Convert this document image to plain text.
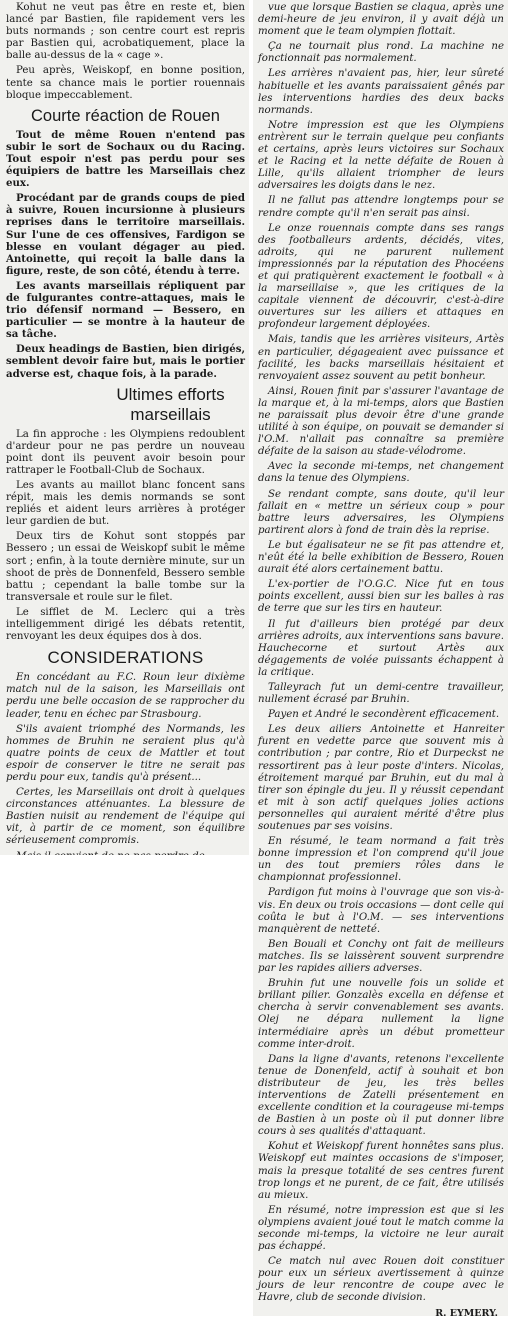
Kohut ne veut pas être en reste et, bien lancé par Bastien, file rapidement vers les buts normands ; son centre court est repris par Bastien qui, acrobatiquement, place la balle au-dessus de la « cage ».

Peu après, Weiskopf, en bonne position, tente sa chance mais le portier rouennais bloque impeccablement.

Courte réaction de Rouen

Tout de même Rouen n'entend pas subir le sort de Sochaux ou du Racing. Tout espoir n'est pas perdu pour ses équipiers de battre les Marseillais chez eux.

Procédant par de grands coups de pied à suivre, Rouen incursionne à plusieurs reprises dans le territoire marseillais. Sur l'une de ces offensives, Fardigon se blesse en voulant dégager au pied. Antoinette, qui reçoit la balle dans la figure, reste, de son côté, étendu à terre.

Les avants marseillais répliquent par de fulgurantes contre-attaques, mais le trio défensif normand — Bessero, en particulier — se montre à la hauteur de sa tâche.

Deux headings de Bastien, bien dirigés, semblent devoir faire but, mais le portier adverse est, chaque fois, à la parade.

Ultimes efforts marseillais

La fin approche : les Olympiens redoublent d'ardeur pour ne pas perdre un nouveau point dont ils peuvent avoir besoin pour rattraper le Football-Club de Sochaux.

Les avants au maillot blanc foncent sans répit, mais les demis normands se sont repliés et aident leurs arrières à protéger leur gardien de but.

Deux tirs de Kohut sont stoppés par Bessero ; un essai de Weiskopf subit le même sort ; enfin, à la toute dernière minute, sur un shoot de près de Donnenfeld, Bessero semble battu ; cependant la balle tombe sur la transversale et roule sur le filet.

Le sifflet de M. Leclerc qui a très intelligemment dirigé les débats retentit, renvoyant les deux équipes dos à dos.

CONSIDERATIONS

En concédant au F.C. Roun leur dixième match nul de la saison, les Marseillais ont perdu une belle occasion de se rapprocher du leader, tenu en échec par Strasbourg.

S'ils avaient triomphé des Normands, les hommes de Bruhin ne seraient plus qu'à quatre points de ceux de Mattler et tout espoir de conserver le titre ne serait pas perdu pour eux, tandis qu'à présent...

Certes, les Marseillais ont droit à quelques circonstances atténuantes. La blessure de Bastien nuisit au rendement de l'équipe qui vit, à partir de ce moment, son équilibre sérieusement compromis.

vue que lorsque Bastien se claqua, après une demi-heure de jeu environ, il y avait déjà un moment que le team olympien flottait.

Ça ne tournait plus rond. La machine ne fonctionnait pas normalement.

Les arrières n'avaient pas, hier, leur sûreté habituelle et les avants paraissaient gênés par les interventions hardies des deux backs normands.

Notre impression est que les Olympiens entrèrent sur le terrain quelque peu confiants et certains, après leurs victoires sur Sochaux et le Racing et la nette défaite de Rouen à Lille, qu'ils allaient triompher de leurs adversaires les doigts dans le nez.

Il ne fallut pas attendre longtemps pour se rendre compte qu'il n'en serait pas ainsi.

Le onze rouennais compte dans ses rangs des footballeurs ardents, décidés, vites, adroits, qui ne parurent nullement impressionnés par la réputation des Phocéens et qui pratiquèrent exactement le football « à la marseillaise », que les critiques de la capitale viennent de découvrir, c'est-à-dire ouvertures sur les ailiers et attaques en profondeur largement déployées.

Mais, tandis que les arrières visiteurs, Artès en particulier, dégageaient avec puissance et facilité, les backs marseillais hésitaient et renvoyaient assez souvent au petit bonheur.

Ainsi, Rouen finit par s'assurer l'avantage de la marque et, à la mi-temps, alors que Bastien ne paraissait plus devoir être d'une grande utilité à son équipe, on pouvait se demander si l'O.M. n'allait pas connaître sa première défaite de la saison au stade-vélodrome.

Avec la seconde mi-temps, net changement dans la tenue des Olympiens.

Se rendant compte, sans doute, qu'il leur fallait en « mettre un sérieux coup » pour battre leurs adversaires, les Olympiens partirent alors à fond de train dès la reprise.

Le but égalisateur ne se fit pas attendre et, n'eût été la belle exhibition de Bessero, Rouen aurait été alors certainement battu.

L'ex-portier de l'O.G.C. Nice fut en tous points excellent, aussi bien sur les balles à ras de terre que sur les tirs en hauteur.

Il fut d'ailleurs bien protégé par deux arrières adroits, aux interventions sans bavure. Hauchecorne et surtout Artès aux dégagements de volée puissants échappent à la critique.

Talleyrach fut un demi-centre travailleur, nullement écrasé par Bruhin.

Payen et André le secondèrent efficacement.

Les deux ailiers Antoinette et Hanreiter furent en vedette parce que souvent mis à contribution ; par contre, Rio et Durpeckst ne ressortirent pas à leur poste d'inters. Nicolas, étroitement marqué par Bruhin, eut du mal à tirer son épingle du jeu. Il y réussit cependant et mit à son actif quelques jolies actions personnelles qui auraient mérité d'être plus soutenues par ses voisins.

En résumé, le team normand a fait très bonne impression et l'on comprend qu'il joue un des tout premiers rôles dans le championnat professionnel.

Pardigon fut moins à l'ouvrage que son vis-à-vis. En deux ou trois occasions — dont celle qui coûta le but à l'O.M. — ses interventions manquèrent de netteté.

Ben Bouali et Conchy ont fait de meilleurs matches. Ils se laissèrent souvent surprendre par les rapides ailiers adverses.

Bruhin fut une nouvelle fois un solide et brillant pilier. Gonzalès excella en défense et chercha à servir convenablement ses avants. Olej ne dépara nullement la ligne intermédiaire après un début prometteur comme inter-droit.

Dans la ligne d'avants, retenons l'excellente tenue de Donenfeld, actif à souhait et bon distributeur de jeu, les très belles interventions de Zatelli présentement en excellente condition et la courageuse mi-temps de Bastien à un poste où il put donner libre cours à ses qualités d'attaquant.

Kohut et Weiskopf furent honnêtes sans plus. Weiskopf eut maintes occasions de s'imposer, mais la presque totalité de ses centres furent trop longs et ne purent, de ce fait, être utilisés au mieux.

En résumé, notre impression est que si les olympiens avaient joué tout le match comme la seconde mi-temps, la victoire ne leur aurait pas échappé.

Ce match nul avec Rouen doit constituer pour eux un sérieux avertissement à quinze jours de leur rencontre de coupe avec le Havre, club de seconde division.

R. EYMERY.
